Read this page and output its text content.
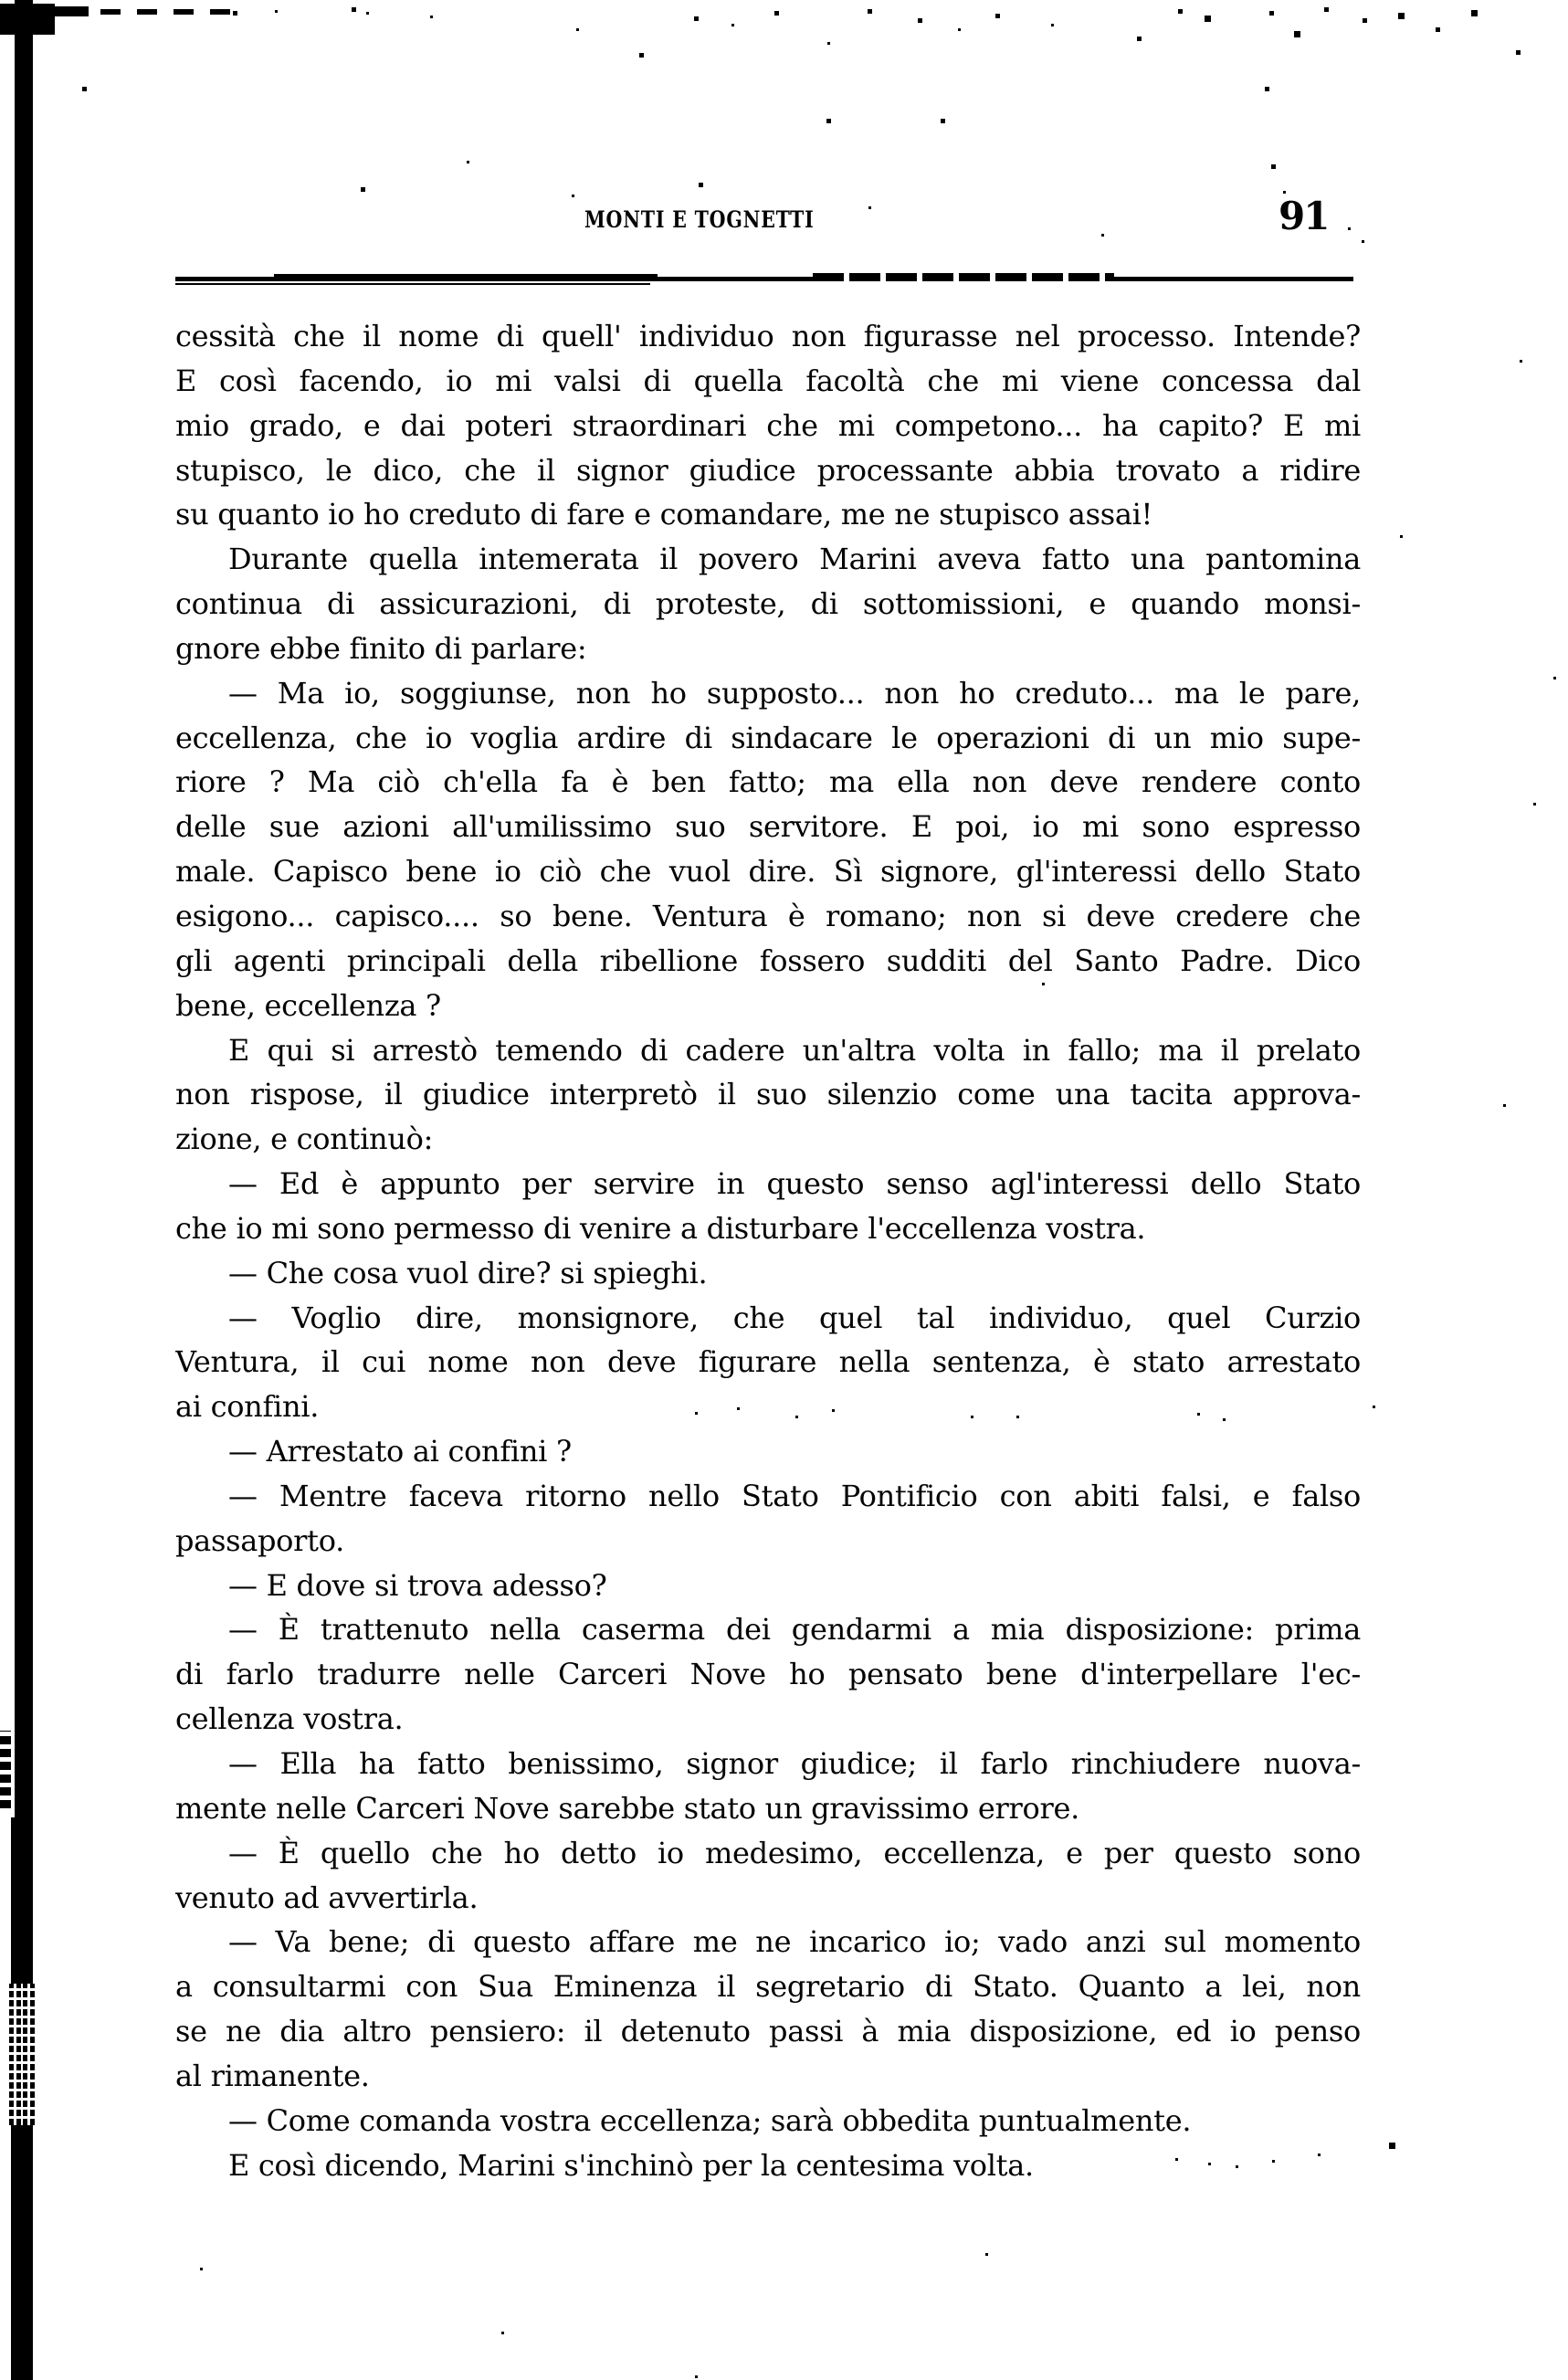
MONTI E TOGNETTI	91
cessità che il nome di quell' individuo non figurasse nel processo. Intende?
E così facendo, io mi valsi di quella facoltà che mi viene concessa dal
mio grado, e dai poteri straordinari che mi competono... ha capito? E mi
stupisco, le dico, che il signor giudice processante abbia trovato a ridire
su quanto io ho creduto di fare e comandare, me ne stupisco assai!
Durante quella intemerata il povero Marini aveva fatto una pantomina
continua di assicurazioni, di proteste, di sottomissioni, e quando monsi-
gnore ebbe finito di parlare:
— Ma io, soggiunse, non ho supposto... non ho creduto... ma le pare,
eccellenza, che io voglia ardire di sindacare le operazioni di un mio supe-
riore ? Ma ciò ch'ella fa è ben fatto; ma ella non deve rendere conto
delle sue azioni all'umilissimo suo servitore. E poi, io mi sono espresso
male. Capisco bene io ciò che vuol dire. Sì signore, gl'interessi dello Stato
esigono... capisco.... so bene. Ventura è romano; non si deve credere che
gli agenti principali della ribellione fossero sudditi del Santo Padre. Dico
bene, eccellenza ?
E qui si arrestò temendo di cadere un'altra volta in fallo; ma il prelato
non rispose, il giudice interpretò il suo silenzio come una tacita approva-
zione, e continuò:
— Ed è appunto per servire in questo senso agl'interessi dello Stato
che io mi sono permesso di venire a disturbare l'eccellenza vostra.
— Che cosa vuol dire? si spieghi.
— Voglio dire, monsignore, che quel tal individuo, quel Curzio
Ventura, il cui nome non deve figurare nella sentenza, è stato arrestato
ai confini.
— Arrestato ai confini ?
— Mentre faceva ritorno nello Stato Pontificio con abiti falsi, e falso
passaporto.
— E dove si trova adesso?
— È trattenuto nella caserma dei gendarmi a mia disposizione: prima
di farlo tradurre nelle Carceri Nove ho pensato bene d'interpellare l'ec-
cellenza vostra.
— Ella ha fatto benissimo, signor giudice; il farlo rinchiudere nuova-
mente nelle Carceri Nove sarebbe stato un gravissimo errore.
— È quello che ho detto io medesimo, eccellenza, e per questo sono
venuto ad avvertirla.
— Va bene; di questo affare me ne incarico io; vado anzi sul momento
a consultarmi con Sua Eminenza il segretario di Stato. Quanto a lei, non
se ne dia altro pensiero: il detenuto passi à mia disposizione, ed io penso
al rimanente.
— Come comanda vostra eccellenza; sarà obbedita puntualmente.
E così dicendo, Marini s'inchinò per la centesima volta.
